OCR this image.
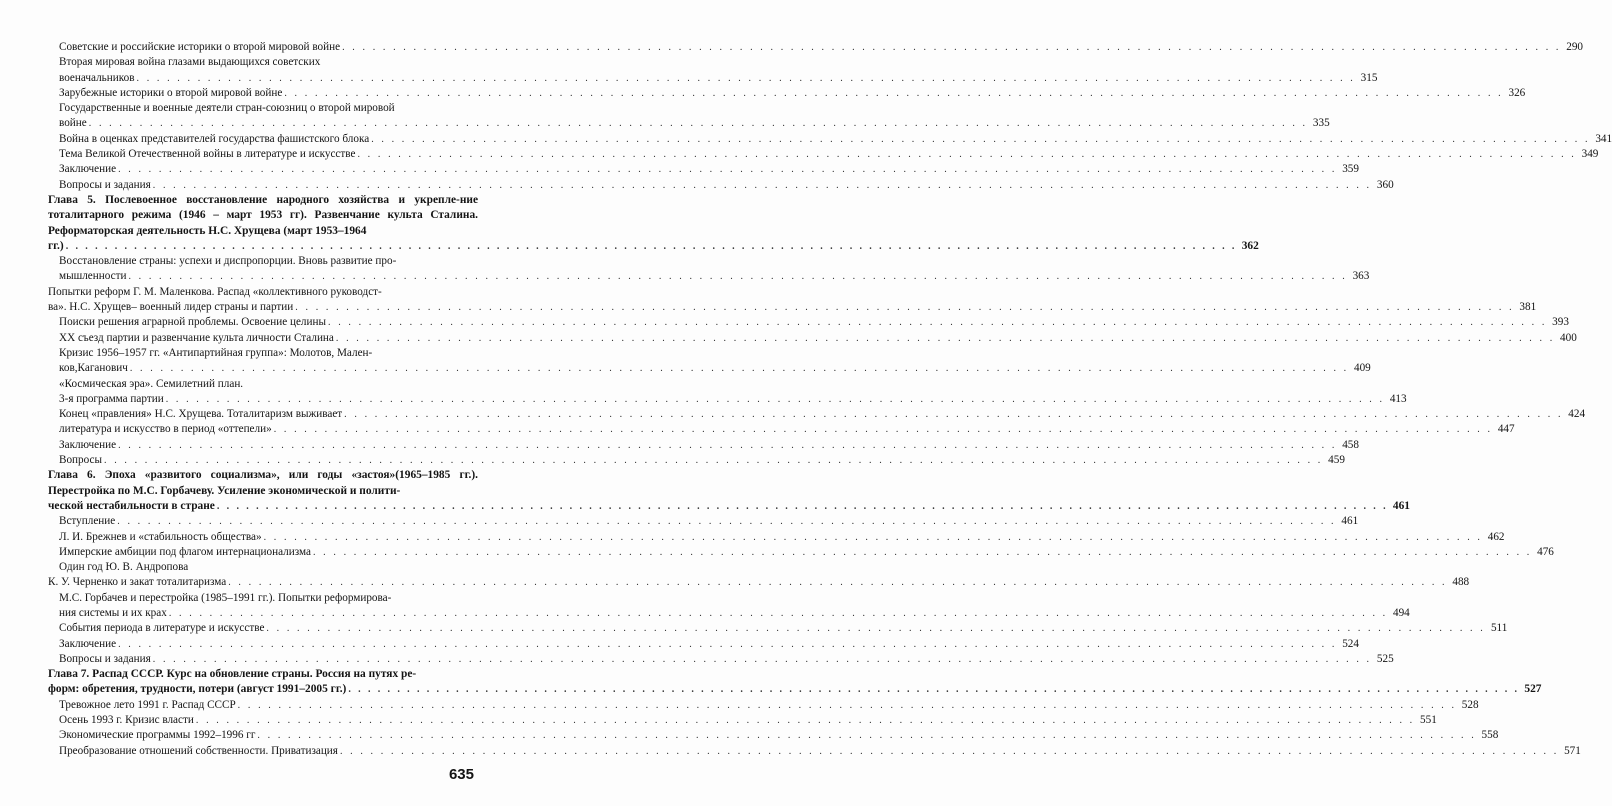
Советские и российские историки о второй мировой войне . . . . . . . . . . . . . . . . . . . . . . . . . . . . . . . . . . . . . . . . . . . . . . . . . . . . . . . . . . . . . . . . . . . . . . . . . . . . . . . . . . . . . . . . . . . . . . . . . . . . . . . . . . . . . . . . . . . . . . . . 290
Вторая мировая война глазами выдающихся советских
военачальников . . . . . . . . . . . . . . . . . . . . . . . . . . . . . . . . . . . . . . . . . . . . . . . . . . . . . . . . . . . . . . . . . . . . . . . . . . . . . . . . . . . . . . . . . . . . . . . . . . . . . . . . . . . . . . . . . . . . . . . . 315
Зарубежные историки о второй мировой войне . . . . . . . . . . . . . . . . . . . . . . . . . . . . . . . . . . . . . . . . . . . . . . . . . . . . . . . . . . . . . . . . . . . . . . . . . . . . . . . . . . . . . . . . . . . . . . . . . . . . . . . . . . . . . . . . . . . . . . . . 326
Государственные и военные деятели стран-союзниц о второй мировой
войне . . . . . . . . . . . . . . . . . . . . . . . . . . . . . . . . . . . . . . . . . . . . . . . . . . . . . . . . . . . . . . . . . . . . . . . . . . . . . . . . . . . . . . . . . . . . . . . . . . . . . . . . . . . . . . . . . . . . . . . . 335
Война в оценках представителей государства фашистского блока . . . . . . . . . . . . . . . . . . . . . . . . . . . . . . . . . . . . . . . . . . . . . . . . . . . . . . . . . . . . . . . . . . . . . . . . . . . . . . . . . . . . . . . . . . . . . . . . . . . . . . . . . . . . . . . . . . . . . . . . 341
Тема Великой Отечественной войны в литературе и искусстве . . . . . . . . . . . . . . . . . . . . . . . . . . . . . . . . . . . . . . . . . . . . . . . . . . . . . . . . . . . . . . . . . . . . . . . . . . . . . . . . . . . . . . . . . . . . . . . . . . . . . . . . . . . . . . . . . . . . . . . . 349
Заключение . . . . . . . . . . . . . . . . . . . . . . . . . . . . . . . . . . . . . . . . . . . . . . . . . . . . . . . . . . . . . . . . . . . . . . . . . . . . . . . . . . . . . . . . . . . . . . . . . . . . . . . . . . . . . . . . . . . . . . . . 359
Вопросы и задания . . . . . . . . . . . . . . . . . . . . . . . . . . . . . . . . . . . . . . . . . . . . . . . . . . . . . . . . . . . . . . . . . . . . . . . . . . . . . . . . . . . . . . . . . . . . . . . . . . . . . . . . . . . . . . . . . . . . . . . . 360
Глава 5. Послевоенное восстановление народного хозяйства и укрепле-ние тоталитарного режима (1946 – март 1953 гг). Развенчание культа Сталина. Реформаторская деятельность Н.С. Хрущева (март 1953–1964
гг.) . . . . . . . . . . . . . . . . . . . . . . . . . . . . . . . . . . . . . . . . . . . . . . . . . . . . . . . . . . . . . . . . . . . . . . . . . . . . . . . . . . . . . . . . . . . . . . . . . . . . . . . . . . . . . . . . . . . . . . . . 362
Восстановление страны: успехи и диспропорции. Вновь развитие про-
мышленности . . . . . . . . . . . . . . . . . . . . . . . . . . . . . . . . . . . . . . . . . . . . . . . . . . . . . . . . . . . . . . . . . . . . . . . . . . . . . . . . . . . . . . . . . . . . . . . . . . . . . . . . . . . . . . . . . . . . . . . . 363
Попытки реформ Г. М. Маленкова. Распад «коллективного руководст-
ва». Н.С. Хрущев– военный лидер страны и партии . . . . . . . . . . . . . . . . . . . . . . . . . . . . . . . . . . . . . . . . . . . . . . . . . . . . . . . . . . . . . . . . . . . . . . . . . . . . . . . . . . . . . . . . . . . . . . . . . . . . . . . . . . . . . . . . . . . . . . . . 381
Поиски решения аграрной проблемы. Освоение целины . . . . . . . . . . . . . . . . . . . . . . . . . . . . . . . . . . . . . . . . . . . . . . . . . . . . . . . . . . . . . . . . . . . . . . . . . . . . . . . . . . . . . . . . . . . . . . . . . . . . . . . . . . . . . . . . . . . . . . . . 393
XX съезд партии и развенчание культа личности Сталина . . . . . . . . . . . . . . . . . . . . . . . . . . . . . . . . . . . . . . . . . . . . . . . . . . . . . . . . . . . . . . . . . . . . . . . . . . . . . . . . . . . . . . . . . . . . . . . . . . . . . . . . . . . . . . . . . . . . . . . . 400
Кризис 1956–1957 гг. «Антипартийная группа»: Молотов, Мален-
ков,Каганович . . . . . . . . . . . . . . . . . . . . . . . . . . . . . . . . . . . . . . . . . . . . . . . . . . . . . . . . . . . . . . . . . . . . . . . . . . . . . . . . . . . . . . . . . . . . . . . . . . . . . . . . . . . . . . . . . . . . . . . . 409
«Космическая эра». Семилетний план.
3-я программа партии . . . . . . . . . . . . . . . . . . . . . . . . . . . . . . . . . . . . . . . . . . . . . . . . . . . . . . . . . . . . . . . . . . . . . . . . . . . . . . . . . . . . . . . . . . . . . . . . . . . . . . . . . . . . . . . . . . . . . . . . 413
Конец «правления» Н.С. Хрущева. Тоталитаризм выживает . . . . . . . . . . . . . . . . . . . . . . . . . . . . . . . . . . . . . . . . . . . . . . . . . . . . . . . . . . . . . . . . . . . . . . . . . . . . . . . . . . . . . . . . . . . . . . . . . . . . . . . . . . . . . . . . . . . . . . . . 424
литература и искусство в период «оттепели» . . . . . . . . . . . . . . . . . . . . . . . . . . . . . . . . . . . . . . . . . . . . . . . . . . . . . . . . . . . . . . . . . . . . . . . . . . . . . . . . . . . . . . . . . . . . . . . . . . . . . . . . . . . . . . . . . . . . . . . . 447
Заключение . . . . . . . . . . . . . . . . . . . . . . . . . . . . . . . . . . . . . . . . . . . . . . . . . . . . . . . . . . . . . . . . . . . . . . . . . . . . . . . . . . . . . . . . . . . . . . . . . . . . . . . . . . . . . . . . . . . . . . . . 458
Вопросы . . . . . . . . . . . . . . . . . . . . . . . . . . . . . . . . . . . . . . . . . . . . . . . . . . . . . . . . . . . . . . . . . . . . . . . . . . . . . . . . . . . . . . . . . . . . . . . . . . . . . . . . . . . . . . . . . . . . . . . . 459
Глава 6. Эпоха «развитого социализма», или годы «застоя»(1965–1985 гг.). Перестройка по М.С. Горбачеву. Усиление экономической и полити-
ческой нестабильности в стране . . . . . . . . . . . . . . . . . . . . . . . . . . . . . . . . . . . . . . . . . . . . . . . . . . . . . . . . . . . . . . . . . . . . . . . . . . . . . . . . . . . . . . . . . . . . . . . . . . . . . . . . . . . . . . . . . . . . . . . . 461
Вступление . . . . . . . . . . . . . . . . . . . . . . . . . . . . . . . . . . . . . . . . . . . . . . . . . . . . . . . . . . . . . . . . . . . . . . . . . . . . . . . . . . . . . . . . . . . . . . . . . . . . . . . . . . . . . . . . . . . . . . . . 461
Л. И. Брежнев и «стабильность общества» . . . . . . . . . . . . . . . . . . . . . . . . . . . . . . . . . . . . . . . . . . . . . . . . . . . . . . . . . . . . . . . . . . . . . . . . . . . . . . . . . . . . . . . . . . . . . . . . . . . . . . . . . . . . . . . . . . . . . . . . 462
Имперские амбиции под флагом интернационализма . . . . . . . . . . . . . . . . . . . . . . . . . . . . . . . . . . . . . . . . . . . . . . . . . . . . . . . . . . . . . . . . . . . . . . . . . . . . . . . . . . . . . . . . . . . . . . . . . . . . . . . . . . . . . . . . . . . . . . . . 476
Один год Ю. В. Андропова
К. У. Черненко и закат тоталитаризма . . . . . . . . . . . . . . . . . . . . . . . . . . . . . . . . . . . . . . . . . . . . . . . . . . . . . . . . . . . . . . . . . . . . . . . . . . . . . . . . . . . . . . . . . . . . . . . . . . . . . . . . . . . . . . . . . . . . . . . . 488
М.С. Горбачев и перестройка (1985–1991 гг.). Попытки реформирова-
ния системы и их крах . . . . . . . . . . . . . . . . . . . . . . . . . . . . . . . . . . . . . . . . . . . . . . . . . . . . . . . . . . . . . . . . . . . . . . . . . . . . . . . . . . . . . . . . . . . . . . . . . . . . . . . . . . . . . . . . . . . . . . . . 494
События периода в литературе и искусстве . . . . . . . . . . . . . . . . . . . . . . . . . . . . . . . . . . . . . . . . . . . . . . . . . . . . . . . . . . . . . . . . . . . . . . . . . . . . . . . . . . . . . . . . . . . . . . . . . . . . . . . . . . . . . . . . . . . . . . . . 511
Заключение . . . . . . . . . . . . . . . . . . . . . . . . . . . . . . . . . . . . . . . . . . . . . . . . . . . . . . . . . . . . . . . . . . . . . . . . . . . . . . . . . . . . . . . . . . . . . . . . . . . . . . . . . . . . . . . . . . . . . . . . 524
Вопросы и задания . . . . . . . . . . . . . . . . . . . . . . . . . . . . . . . . . . . . . . . . . . . . . . . . . . . . . . . . . . . . . . . . . . . . . . . . . . . . . . . . . . . . . . . . . . . . . . . . . . . . . . . . . . . . . . . . . . . . . . . . 525
Глава 7. Распад СССР. Курс на обновление страны. Россия на путях ре-
форм: обретения, трудности, потери (август 1991–2005 гг.) . . . . . . . . . . . . . . . . . . . . . . . . . . . . . . . . . . . . . . . . . . . . . . . . . . . . . . . . . . . . . . . . . . . . . . . . . . . . . . . . . . . . . . . . . . . . . . . . . . . . . . . . . . . . . . . . . . . . . . . . 527
Тревожное лето 1991 г. Распад СССР . . . . . . . . . . . . . . . . . . . . . . . . . . . . . . . . . . . . . . . . . . . . . . . . . . . . . . . . . . . . . . . . . . . . . . . . . . . . . . . . . . . . . . . . . . . . . . . . . . . . . . . . . . . . . . . . . . . . . . . . 528
Осень 1993 г. Кризис власти . . . . . . . . . . . . . . . . . . . . . . . . . . . . . . . . . . . . . . . . . . . . . . . . . . . . . . . . . . . . . . . . . . . . . . . . . . . . . . . . . . . . . . . . . . . . . . . . . . . . . . . . . . . . . . . . . . . . . . . . 551
Экономические программы 1992–1996 гг . . . . . . . . . . . . . . . . . . . . . . . . . . . . . . . . . . . . . . . . . . . . . . . . . . . . . . . . . . . . . . . . . . . . . . . . . . . . . . . . . . . . . . . . . . . . . . . . . . . . . . . . . . . . . . . . . . . . . . . . 558
Преобразование отношений собственности. Приватизация . . . . . . . . . . . . . . . . . . . . . . . . . . . . . . . . . . . . . . . . . . . . . . . . . . . . . . . . . . . . . . . . . . . . . . . . . . . . . . . . . . . . . . . . . . . . . . . . . . . . . . . . . . . . . . . . . . . . . . . . 571
635
